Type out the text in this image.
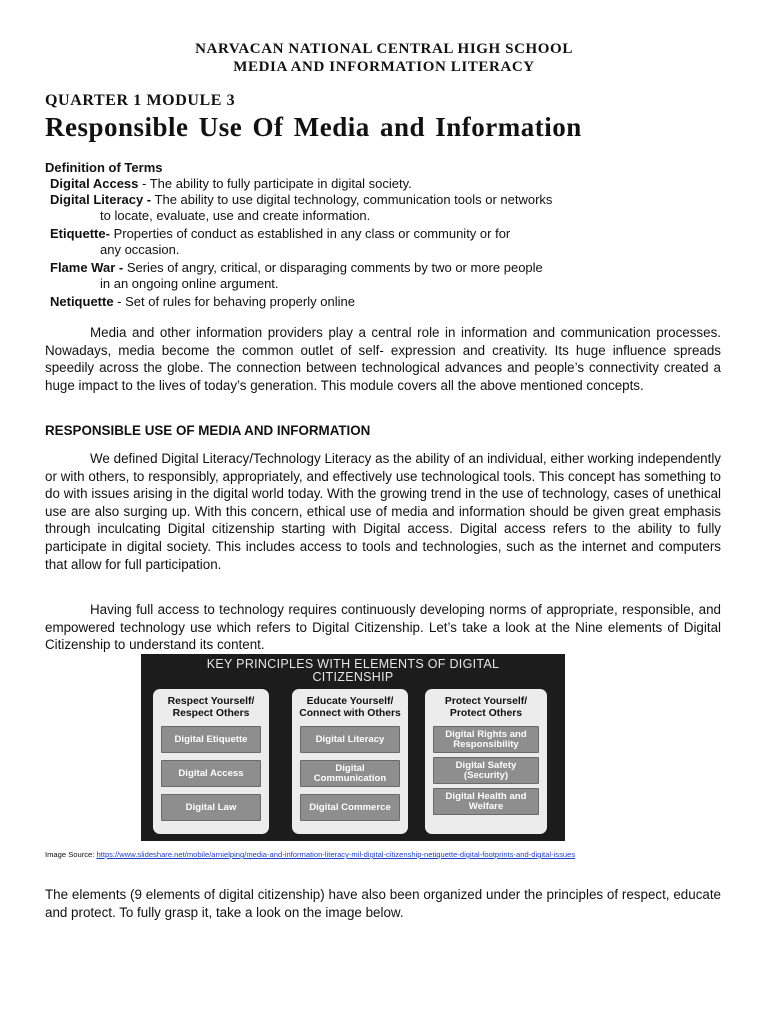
NARVACAN NATIONAL CENTRAL HIGH SCHOOL
MEDIA AND INFORMATION LITERACY
QUARTER 1 MODULE 3
Responsible Use Of Media and Information
Definition of Terms
Digital Access - The ability to fully participate in digital society.
Digital Literacy - The ability to use digital technology, communication tools or networks
to locate, evaluate, use and create information.
Etiquette- Properties of conduct as established in any class or community or for
any occasion.
Flame War - Series of angry, critical, or disparaging comments by two or more people
in an ongoing online argument.
Netiquette - Set of rules for behaving properly online

Media and other information providers play a central role in information and communication processes. Nowadays, media become the common outlet of self- expression and creativity. Its huge influence spreads speedily across the globe. The connection between technological advances and people’s connectivity created a huge impact to the lives of today’s generation. This module covers all the above mentioned concepts.

RESPONSIBLE USE OF MEDIA AND INFORMATION

We defined Digital Literacy/Technology Literacy as the ability of an individual, either working independently or with others, to responsibly, appropriately, and effectively use technological tools. This concept has something to do with issues arising in the digital world today. With the growing trend in the use of technology, cases of unethical use are also surging up. With this concern, ethical use of media and information should be given great emphasis through inculcating Digital citizenship starting with Digital access. Digital access refers to the ability to fully participate in digital society. This includes access to tools and technologies, such as the internet and computers that allow for full participation.

Having full access to technology requires continuously developing norms of appropriate, responsible, and empowered technology use which refers to Digital Citizenship. Let’s take a look at the Nine elements of Digital Citizenship to understand its content.

KEY PRINCIPLES WITH ELEMENTS OF DIGITAL
CITIZENSHIP
Respect Yourself/
Respect Others
Digital Etiquette
Digital Access
Digital Law
Educate Yourself/
Connect with Others
Digital Literacy
Digital Communication
Digital Commerce
Protect Yourself/
Protect Others
Digital Rights and Responsibility
Digital Safety (Security)
Digital Health and Welfare
Image Source: https://www.slideshare.net/mobile/arnielping/media-and-information-literacy-mil-digital-citizenship-netiquette-digital-footprints-and-digital-issues

The elements (9 elements of digital citizenship) have also been organized under the principles of respect, educate and protect. To fully grasp it, take a look on the image below.
